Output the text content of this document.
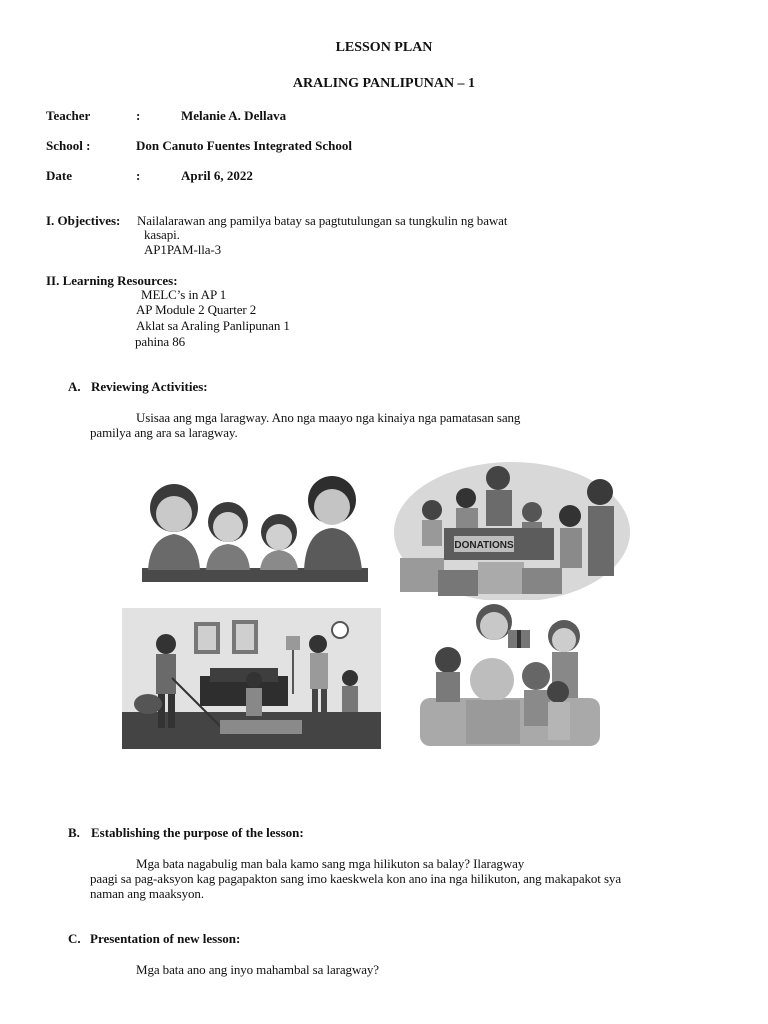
LESSON PLAN
ARALING PANLIPUNAN – 1
Teacher	:	Melanie A. Dellava
School :	Don Canuto Fuentes Integrated School
Date	:	April 6, 2022
I. Objectives: Nailalarawan ang pamilya batay sa pagtutulungan sa tungkulin ng bawat
kasapi.
AP1PAM-lla-3
II. Learning Resources:
MELC’s in AP 1
AP Module 2 Quarter 2
Aklat sa Araling Panlipunan 1
pahina 86
A. Reviewing Activities:
Usisaa ang mga laragway. Ano nga maayo nga kinaiya nga pamatasan sang
pamilya ang ara sa laragway.
DONATIONS
B. Establishing the purpose of the lesson:
Mga bata nagabulig man bala kamo sang mga hilikuton sa balay? Ilaragway
paagi sa pag-aksyon kag pagapakton sang imo kaeskwela kon ano ina nga hilikuton, ang makapakot sya
naman ang maaksyon.
C. Presentation of new lesson:
Mga bata ano ang inyo mahambal sa laragway?
